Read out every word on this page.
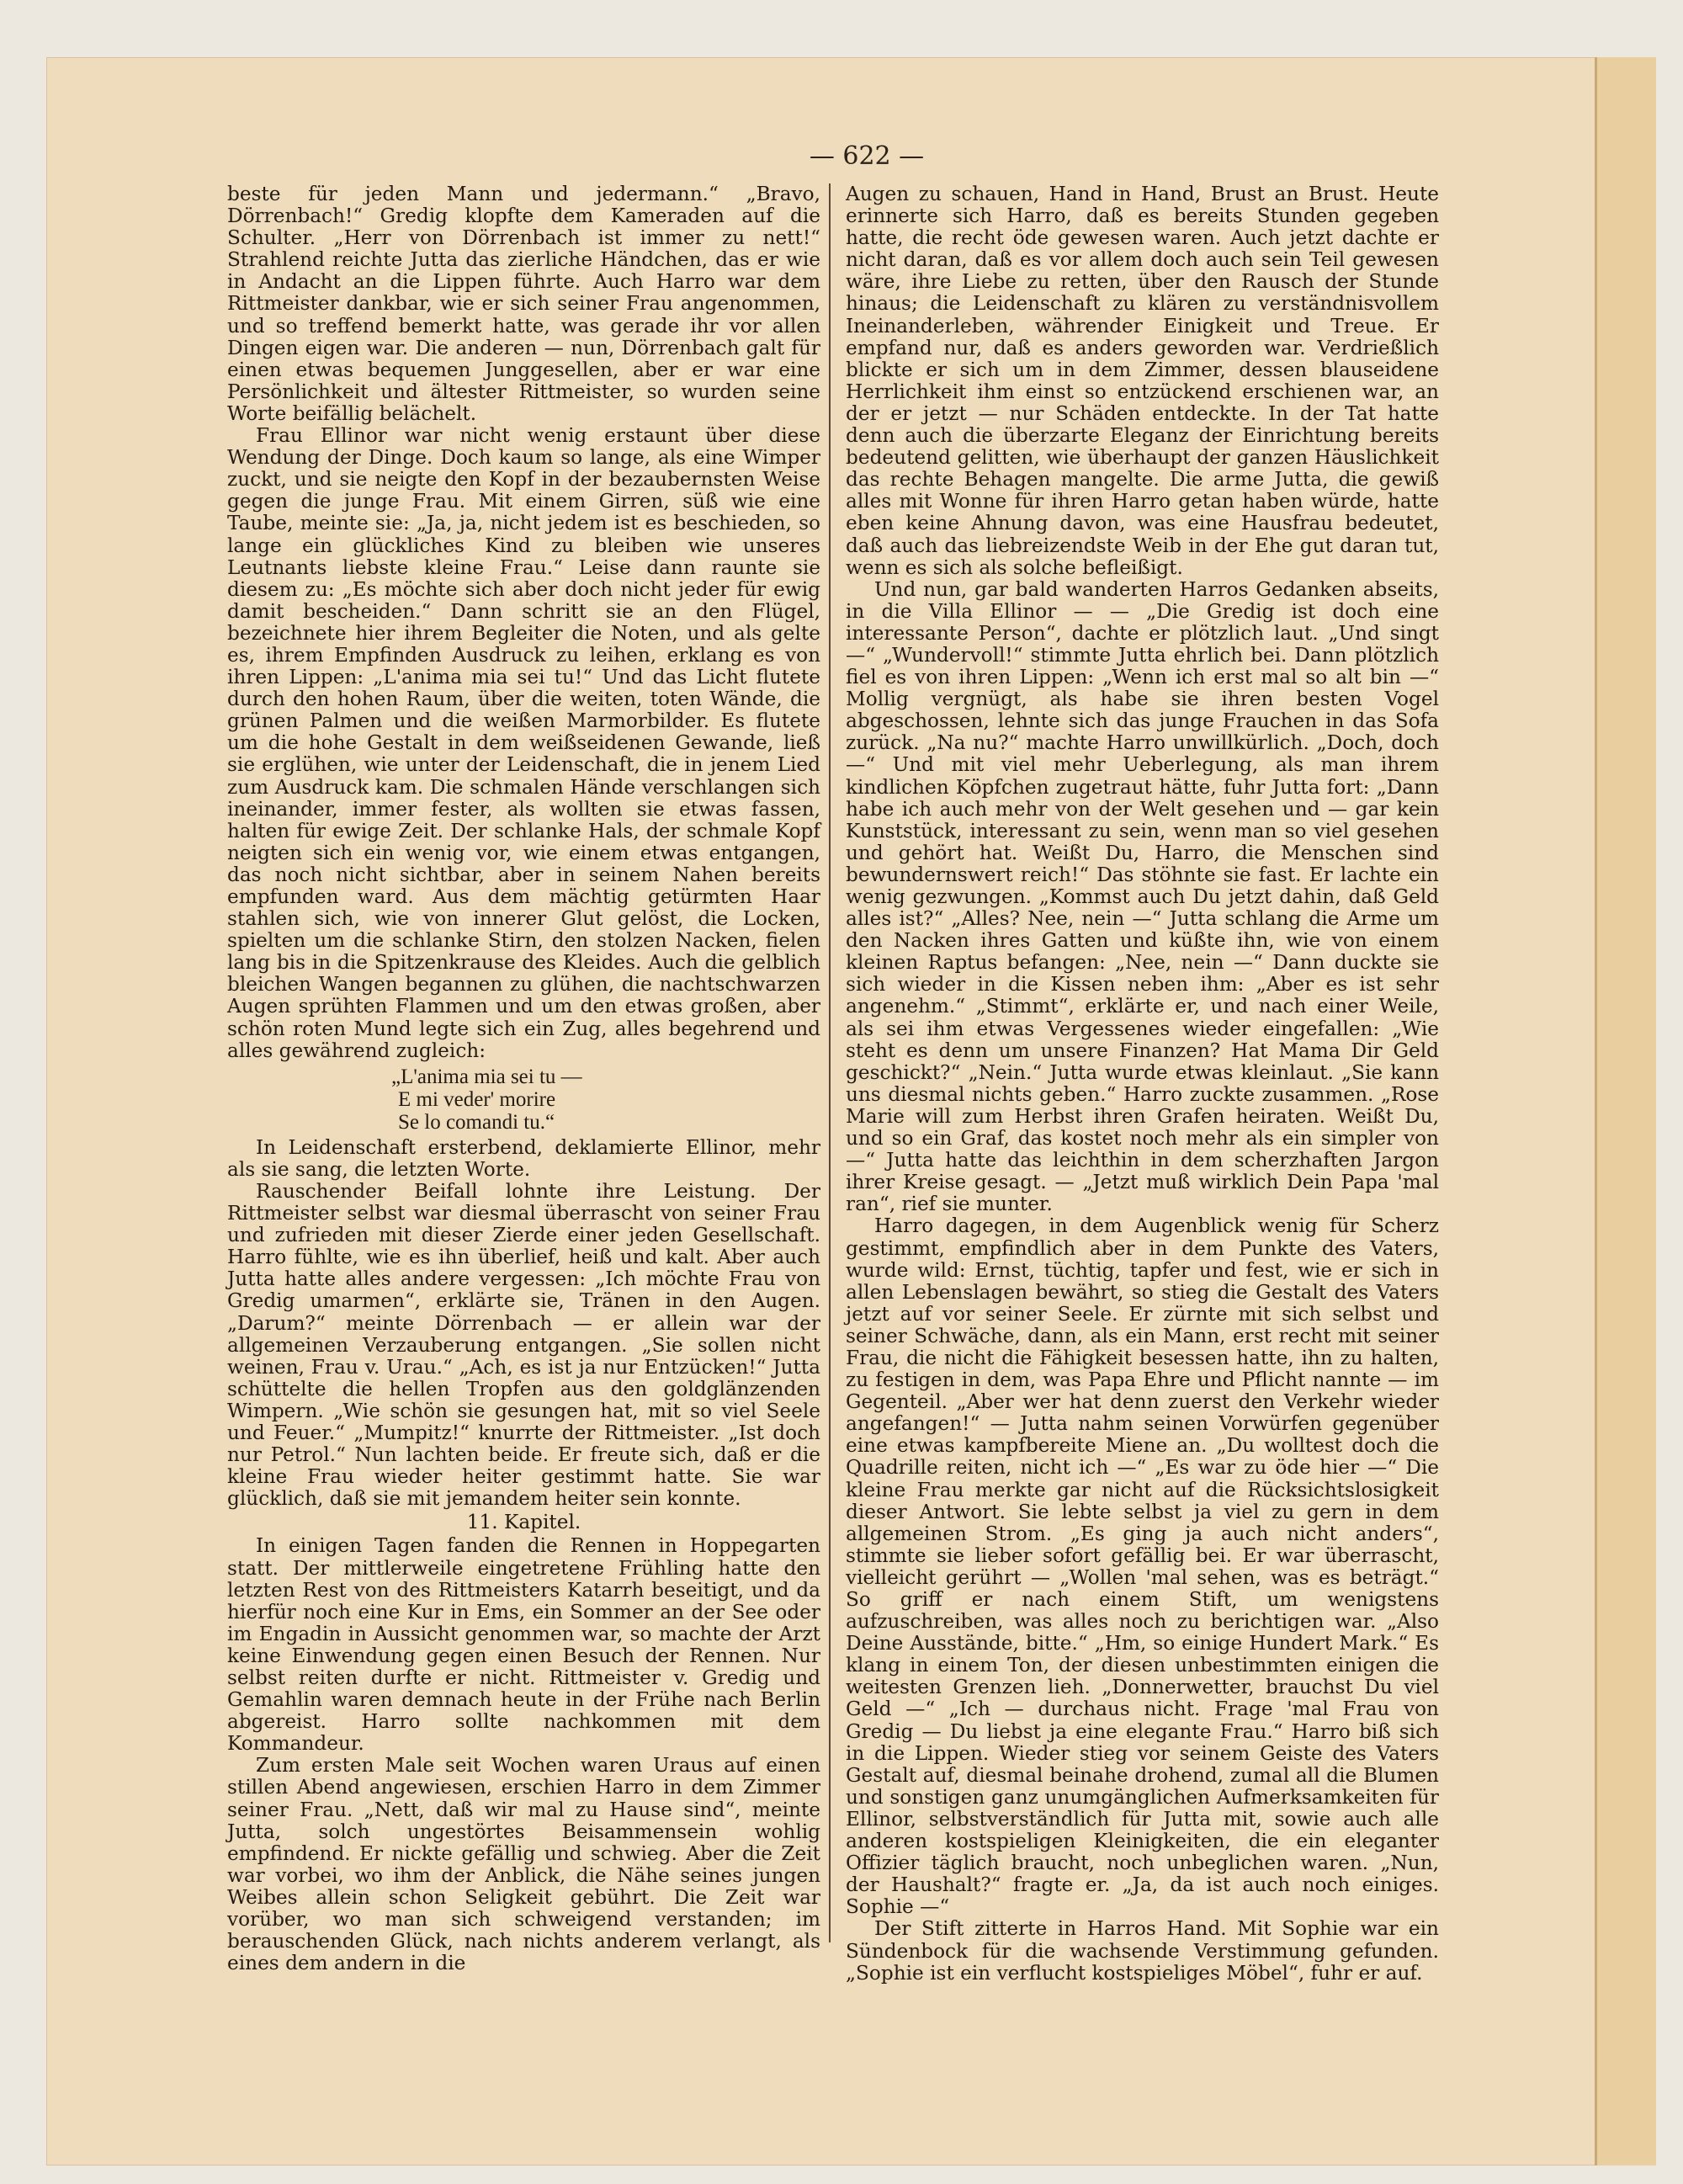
— 622 —

beste für jeden Mann und jedermann.“ „Bravo, Dörrenbach!“ Gredig klopfte dem Kameraden auf die Schulter. „Herr von Dörrenbach ist immer zu nett!“ Strahlend reichte Jutta das zierliche Händchen, das er wie in Andacht an die Lippen führte. Auch Harro war dem Rittmeister dankbar, wie er sich seiner Frau angenommen, und so treffend bemerkt hatte, was gerade ihr vor allen Dingen eigen war. Die anderen — nun, Dörrenbach galt für einen etwas bequemen Junggesellen, aber er war eine Persönlichkeit und ältester Rittmeister, so wurden seine Worte beifällig belächelt.

Frau Ellinor war nicht wenig erstaunt über diese Wendung der Dinge. Doch kaum so lange, als eine Wimper zuckt, und sie neigte den Kopf in der bezaubernsten Weise gegen die junge Frau. Mit einem Girren, süß wie eine Taube, meinte sie: „Ja, ja, nicht jedem ist es beschieden, so lange ein glückliches Kind zu bleiben wie unseres Leutnants liebste kleine Frau.“ Leise dann raunte sie diesem zu: „Es möchte sich aber doch nicht jeder für ewig damit bescheiden.“ Dann schritt sie an den Flügel, bezeichnete hier ihrem Begleiter die Noten, und als gelte es, ihrem Empfinden Ausdruck zu leihen, erklang es von ihren Lippen: „L'anima mia sei tu!“ Und das Licht flutete durch den hohen Raum, über die weiten, toten Wände, die grünen Palmen und die weißen Marmorbilder. Es flutete um die hohe Gestalt in dem weißseidenen Gewande, ließ sie erglühen, wie unter der Leidenschaft, die in jenem Lied zum Ausdruck kam. Die schmalen Hände verschlangen sich ineinander, immer fester, als wollten sie etwas fassen, halten für ewige Zeit. Der schlanke Hals, der schmale Kopf neigten sich ein wenig vor, wie einem etwas entgangen, das noch nicht sichtbar, aber in seinem Nahen bereits empfunden ward. Aus dem mächtig getürmten Haar stahlen sich, wie von innerer Glut gelöst, die Locken, spielten um die schlanke Stirn, den stolzen Nacken, fielen lang bis in die Spitzenkrause des Kleides. Auch die gelblich bleichen Wangen begannen zu glühen, die nachtschwarzen Augen sprühten Flammen und um den etwas großen, aber schön roten Mund legte sich ein Zug, alles begehrend und alles gewährend zugleich:

„L'anima mia sei tu —
E mi veder' morire
Se lo comandi tu.“

In Leidenschaft ersterbend, deklamierte Ellinor, mehr als sie sang, die letzten Worte.

Rauschender Beifall lohnte ihre Leistung. Der Rittmeister selbst war diesmal überrascht von seiner Frau und zufrieden mit dieser Zierde einer jeden Gesellschaft. Harro fühlte, wie es ihn überlief, heiß und kalt. Aber auch Jutta hatte alles andere vergessen: „Ich möchte Frau von Gredig umarmen“, erklärte sie, Tränen in den Augen. „Darum?“ meinte Dörrenbach — er allein war der allgemeinen Verzauberung entgangen. „Sie sollen nicht weinen, Frau v. Urau.“ „Ach, es ist ja nur Entzücken!“ Jutta schüttelte die hellen Tropfen aus den goldglänzenden Wimpern. „Wie schön sie gesungen hat, mit so viel Seele und Feuer.“ „Mumpitz!“ knurrte der Rittmeister. „Ist doch nur Petrol.“ Nun lachten beide. Er freute sich, daß er die kleine Frau wieder heiter gestimmt hatte. Sie war glücklich, daß sie mit jemandem heiter sein konnte.

11. Kapitel.

In einigen Tagen fanden die Rennen in Hoppegarten statt. Der mittlerweile eingetretene Frühling hatte den letzten Rest von des Rittmeisters Katarrh beseitigt, und da hierfür noch eine Kur in Ems, ein Sommer an der See oder im Engadin in Aussicht genommen war, so machte der Arzt keine Einwendung gegen einen Besuch der Rennen. Nur selbst reiten durfte er nicht. Rittmeister v. Gredig und Gemahlin waren demnach heute in der Frühe nach Berlin abgereist. Harro sollte nachkommen mit dem Kommandeur.

Zum ersten Male seit Wochen waren Uraus auf einen stillen Abend angewiesen, erschien Harro in dem Zimmer seiner Frau. „Nett, daß wir mal zu Hause sind“, meinte Jutta, solch ungestörtes Beisammensein wohlig empfindend. Er nickte gefällig und schwieg. Aber die Zeit war vorbei, wo ihm der Anblick, die Nähe seines jungen Weibes allein schon Seligkeit gebührt. Die Zeit war vorüber, wo man sich schweigend verstanden; im berauschenden Glück, nach nichts anderem verlangt, als eines dem andern in die

Augen zu schauen, Hand in Hand, Brust an Brust. Heute erinnerte sich Harro, daß es bereits Stunden gegeben hatte, die recht öde gewesen waren. Auch jetzt dachte er nicht daran, daß es vor allem doch auch sein Teil gewesen wäre, ihre Liebe zu retten, über den Rausch der Stunde hinaus; die Leidenschaft zu klären zu verständnisvollem Ineinanderleben, währender Einigkeit und Treue. Er empfand nur, daß es anders geworden war. Verdrießlich blickte er sich um in dem Zimmer, dessen blauseidene Herrlichkeit ihm einst so entzückend erschienen war, an der er jetzt — nur Schäden entdeckte. In der Tat hatte denn auch die überzarte Eleganz der Einrichtung bereits bedeutend gelitten, wie überhaupt der ganzen Häuslichkeit das rechte Behagen mangelte. Die arme Jutta, die gewiß alles mit Wonne für ihren Harro getan haben würde, hatte eben keine Ahnung davon, was eine Hausfrau bedeutet, daß auch das liebreizendste Weib in der Ehe gut daran tut, wenn es sich als solche befleißigt.

Und nun, gar bald wanderten Harros Gedanken abseits, in die Villa Ellinor — — „Die Gredig ist doch eine interessante Person“, dachte er plötzlich laut. „Und singt —“ „Wundervoll!“ stimmte Jutta ehrlich bei. Dann plötzlich fiel es von ihren Lippen: „Wenn ich erst mal so alt bin —“ Mollig vergnügt, als habe sie ihren besten Vogel abgeschossen, lehnte sich das junge Frauchen in das Sofa zurück. „Na nu?“ machte Harro unwillkürlich. „Doch, doch —“ Und mit viel mehr Ueberlegung, als man ihrem kindlichen Köpfchen zugetraut hätte, fuhr Jutta fort: „Dann habe ich auch mehr von der Welt gesehen und — gar kein Kunststück, interessant zu sein, wenn man so viel gesehen und gehört hat. Weißt Du, Harro, die Menschen sind bewundernswert reich!“ Das stöhnte sie fast. Er lachte ein wenig gezwungen. „Kommst auch Du jetzt dahin, daß Geld alles ist?“ „Alles? Nee, nein —“ Jutta schlang die Arme um den Nacken ihres Gatten und küßte ihn, wie von einem kleinen Raptus befangen: „Nee, nein —“ Dann duckte sie sich wieder in die Kissen neben ihm: „Aber es ist sehr angenehm.“ „Stimmt“, erklärte er, und nach einer Weile, als sei ihm etwas Vergessenes wieder eingefallen: „Wie steht es denn um unsere Finanzen? Hat Mama Dir Geld geschickt?“ „Nein.“ Jutta wurde etwas kleinlaut. „Sie kann uns diesmal nichts geben.“ Harro zuckte zusammen. „Rose Marie will zum Herbst ihren Grafen heiraten. Weißt Du, und so ein Graf, das kostet noch mehr als ein simpler von —“ Jutta hatte das leichthin in dem scherzhaften Jargon ihrer Kreise gesagt. — „Jetzt muß wirklich Dein Papa 'mal ran“, rief sie munter.

Harro dagegen, in dem Augenblick wenig für Scherz gestimmt, empfindlich aber in dem Punkte des Vaters, wurde wild: Ernst, tüchtig, tapfer und fest, wie er sich in allen Lebenslagen bewährt, so stieg die Gestalt des Vaters jetzt auf vor seiner Seele. Er zürnte mit sich selbst und seiner Schwäche, dann, als ein Mann, erst recht mit seiner Frau, die nicht die Fähigkeit besessen hatte, ihn zu halten, zu festigen in dem, was Papa Ehre und Pflicht nannte — im Gegenteil. „Aber wer hat denn zuerst den Verkehr wieder angefangen!“ — Jutta nahm seinen Vorwürfen gegenüber eine etwas kampfbereite Miene an. „Du wolltest doch die Quadrille reiten, nicht ich —“ „Es war zu öde hier —“ Die kleine Frau merkte gar nicht auf die Rücksichtslosigkeit dieser Antwort. Sie lebte selbst ja viel zu gern in dem allgemeinen Strom. „Es ging ja auch nicht anders“, stimmte sie lieber sofort gefällig bei. Er war überrascht, vielleicht gerührt — „Wollen 'mal sehen, was es beträgt.“ So griff er nach einem Stift, um wenigstens aufzuschreiben, was alles noch zu berichtigen war. „Also Deine Ausstände, bitte.“ „Hm, so einige Hundert Mark.“ Es klang in einem Ton, der diesen unbestimmten einigen die weitesten Grenzen lieh. „Donnerwetter, brauchst Du viel Geld —“ „Ich — durchaus nicht. Frage 'mal Frau von Gredig — Du liebst ja eine elegante Frau.“ Harro biß sich in die Lippen. Wieder stieg vor seinem Geiste des Vaters Gestalt auf, diesmal beinahe drohend, zumal all die Blumen und sonstigen ganz unumgänglichen Aufmerksamkeiten für Ellinor, selbstverständlich für Jutta mit, sowie auch alle anderen kostspieligen Kleinigkeiten, die ein eleganter Offizier täglich braucht, noch unbeglichen waren. „Nun, der Haushalt?“ fragte er. „Ja, da ist auch noch einiges. Sophie —“

Der Stift zitterte in Harros Hand. Mit Sophie war ein Sündenbock für die wachsende Verstimmung gefunden. „Sophie ist ein verflucht kostspieliges Möbel“, fuhr er auf.
